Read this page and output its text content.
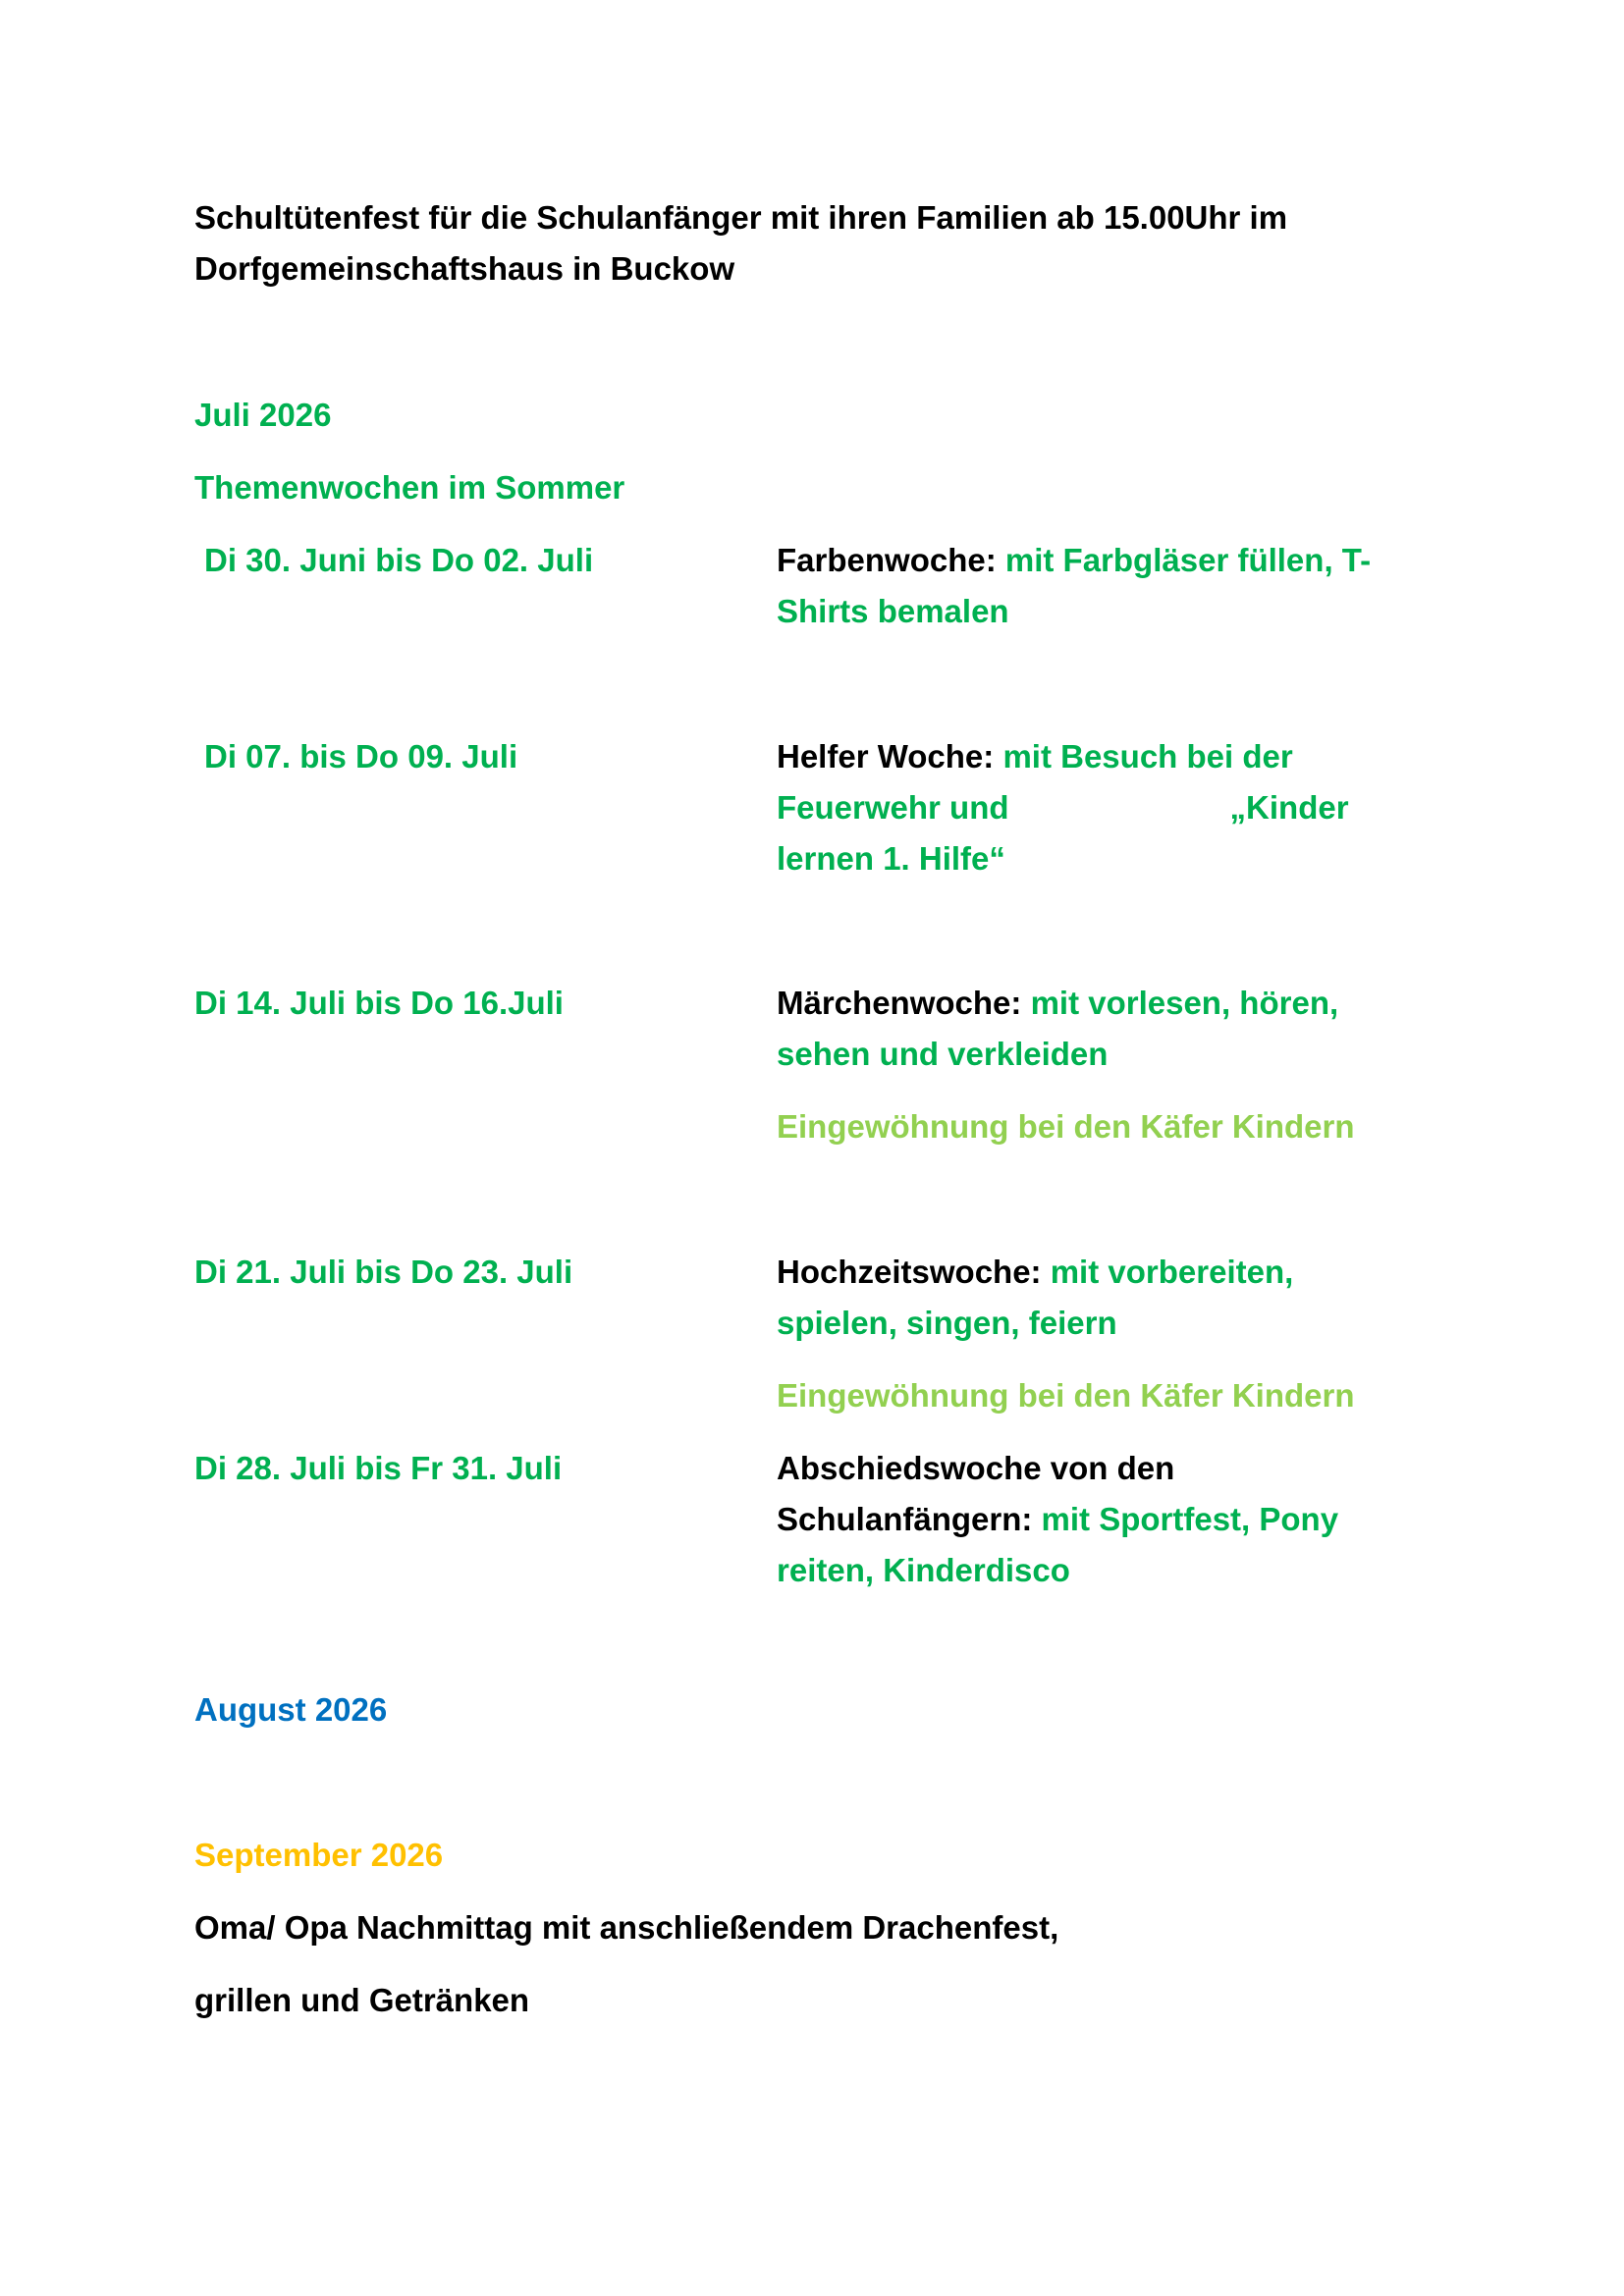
Schultütenfest für die Schulanfänger mit ihren Familien ab 15.00Uhr im
Dorfgemeinschaftshaus in Buckow

Juli 2026

Themenwochen im Sommer

Di 30. Juni bis Do 02. Juli	Farbenwoche: mit Farbgläser füllen, T-
Shirts bemalen

Di 07. bis Do 09. Juli	Helfer Woche: mit Besuch bei der
Feuerwehr und	„Kinder
lernen 1. Hilfe“

Di 14. Juli bis Do 16.Juli	Märchenwoche: mit vorlesen, hören,
sehen und verkleiden

Eingewöhnung bei den Käfer Kindern

Di 21. Juli bis Do 23. Juli	Hochzeitswoche: mit vorbereiten,
spielen, singen, feiern

Eingewöhnung bei den Käfer Kindern

Di 28. Juli bis Fr 31. Juli	Abschiedswoche von den
Schulanfängern: mit Sportfest, Pony
reiten, Kinderdisco

August 2026

September 2026

Oma/ Opa Nachmittag mit anschließendem Drachenfest,

grillen und Getränken
